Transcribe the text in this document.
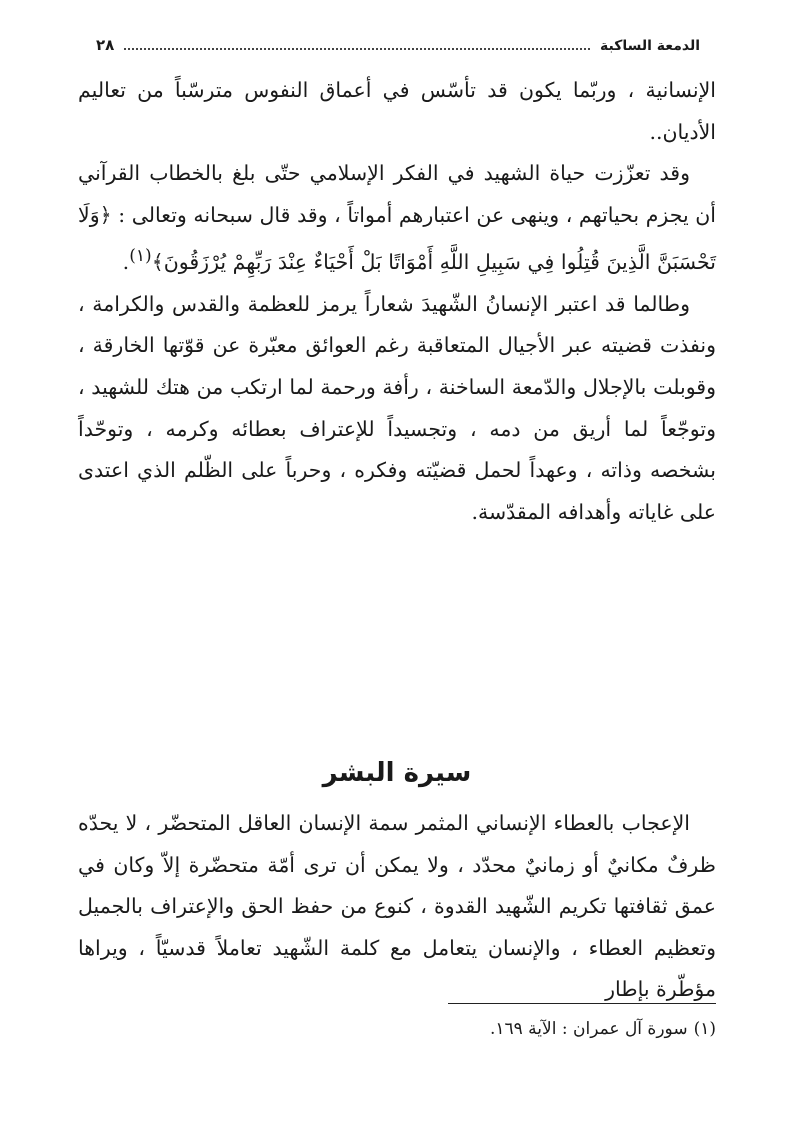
الدمعة الساكبة
٢٨

الإنسانية ، وربّما يكون قد تأسّس في أعماق النفوس مترسّباً من تعاليم الأديان..

وقد تعزّزت حياة الشهيد في الفكر الإسلامي حتّى بلغ بالخطاب القرآني أن يجزم بحياتهم ، وينهى عن اعتبارهم أمواتاً ، وقد قال سبحانه وتعالى : ﴿وَلَا تَحْسَبَنَّ الَّذِينَ قُتِلُوا فِي سَبِيلِ اللَّهِ أَمْوَاتًا بَلْ أَحْيَاءٌ عِنْدَ رَبِّهِمْ يُرْزَقُونَ﴾$^{(١)}$.

وطالما قد اعتبر الإنسانُ الشّهيدَ شعاراً يرمز للعظمة والقدس والكرامة ، ونفذت قضيته عبر الأجيال المتعاقبة رغم العوائق معبّرة عن قوّتها الخارقة ، وقوبلت بالإجلال والدّمعة الساخنة ، رأفة ورحمة لما ارتكب من هتك للشهيد ، وتوجّعاً لما أريق من دمه ، وتجسيداً للإعتراف بعطائه وكرمه ، وتوحّداً بشخصه وذاته ، وعهداً لحمل قضيّته وفكره ، وحرباً على الظّلم الذي اعتدى على غاياته وأهدافه المقدّسة.

سيرة البشر

الإعجاب بالعطاء الإنساني المثمر سمة الإنسان العاقل المتحضّر ، لا يحدّه ظرفٌ مكانيٌ أو زمانيٌ محدّد ، ولا يمكن أن ترى أمّة متحضّرة إلاّ وكان في عمق ثقافتها تكريم الشّهيد القدوة ، كنوع من حفظ الحق والإعتراف بالجميل وتعظيم العطاء ، والإنسان يتعامل مع كلمة الشّهيد تعاملاً قدسيّاً ، ويراها مؤطّرة بإطار

(١)سورة آل عمران : الآية ١٦٩.
